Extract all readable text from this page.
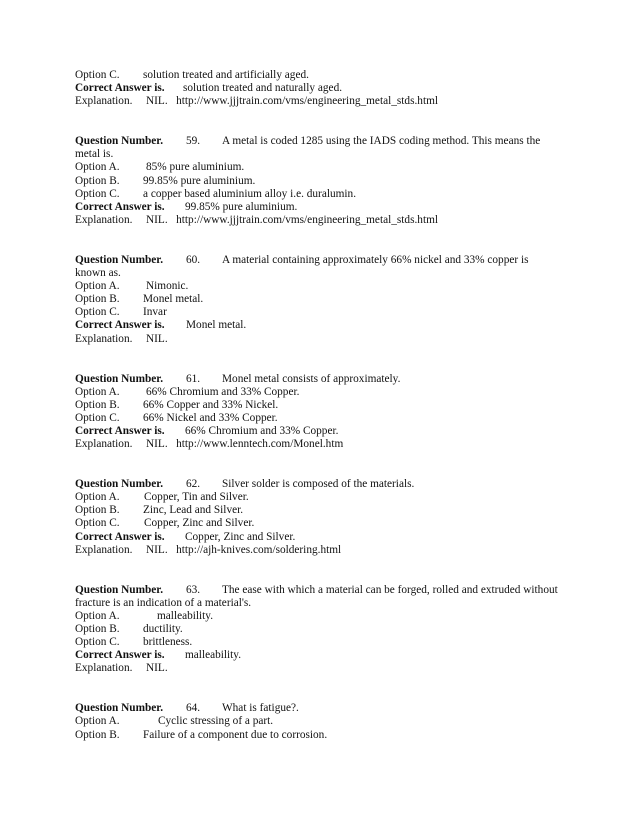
Option C. solution treated and artificially aged.
Correct Answer is. solution treated and naturally aged.
Explanation. NIL.   http://www.jjjtrain.com/vms/engineering_metal_stds.html
Question Number. 59. A metal is coded 1285 using the IADS coding method. This means the
metal is.
Option A. 85% pure aluminium.
Option B. 99.85% pure aluminium.
Option C. a copper based aluminium alloy i.e. duralumin.
Correct Answer is. 99.85% pure aluminium.
Explanation. NIL.   http://www.jjjtrain.com/vms/engineering_metal_stds.html
Question Number. 60. A material containing approximately 66% nickel and 33% copper is
known as.
Option A. Nimonic.
Option B. Monel metal.
Option C. Invar
Correct Answer is. Monel metal.
Explanation. NIL.
Question Number. 61. Monel metal consists of approximately.
Option A. 66% Chromium and 33% Copper.
Option B. 66% Copper and 33% Nickel.
Option C. 66% Nickel and 33% Copper.
Correct Answer is. 66% Chromium and 33% Copper.
Explanation. NIL.   http://www.lenntech.com/Monel.htm
Question Number. 62. Silver solder is composed of the materials.
Option A. Copper, Tin and Silver.
Option B. Zinc, Lead and Silver.
Option C. Copper, Zinc and Silver.
Correct Answer is. Copper, Zinc and Silver.
Explanation. NIL.   http://ajh-knives.com/soldering.html
Question Number. 63. The ease with which a material can be forged, rolled and extruded without
fracture is an indication of a material's.
Option A.	malleability.
Option B. ductility.
Option C. brittleness.
Correct Answer is. malleability.
Explanation. NIL.
Question Number. 64. What is fatigue?.
Option A.	Cyclic stressing of a part.
Option B. Failure of a component due to corrosion.
